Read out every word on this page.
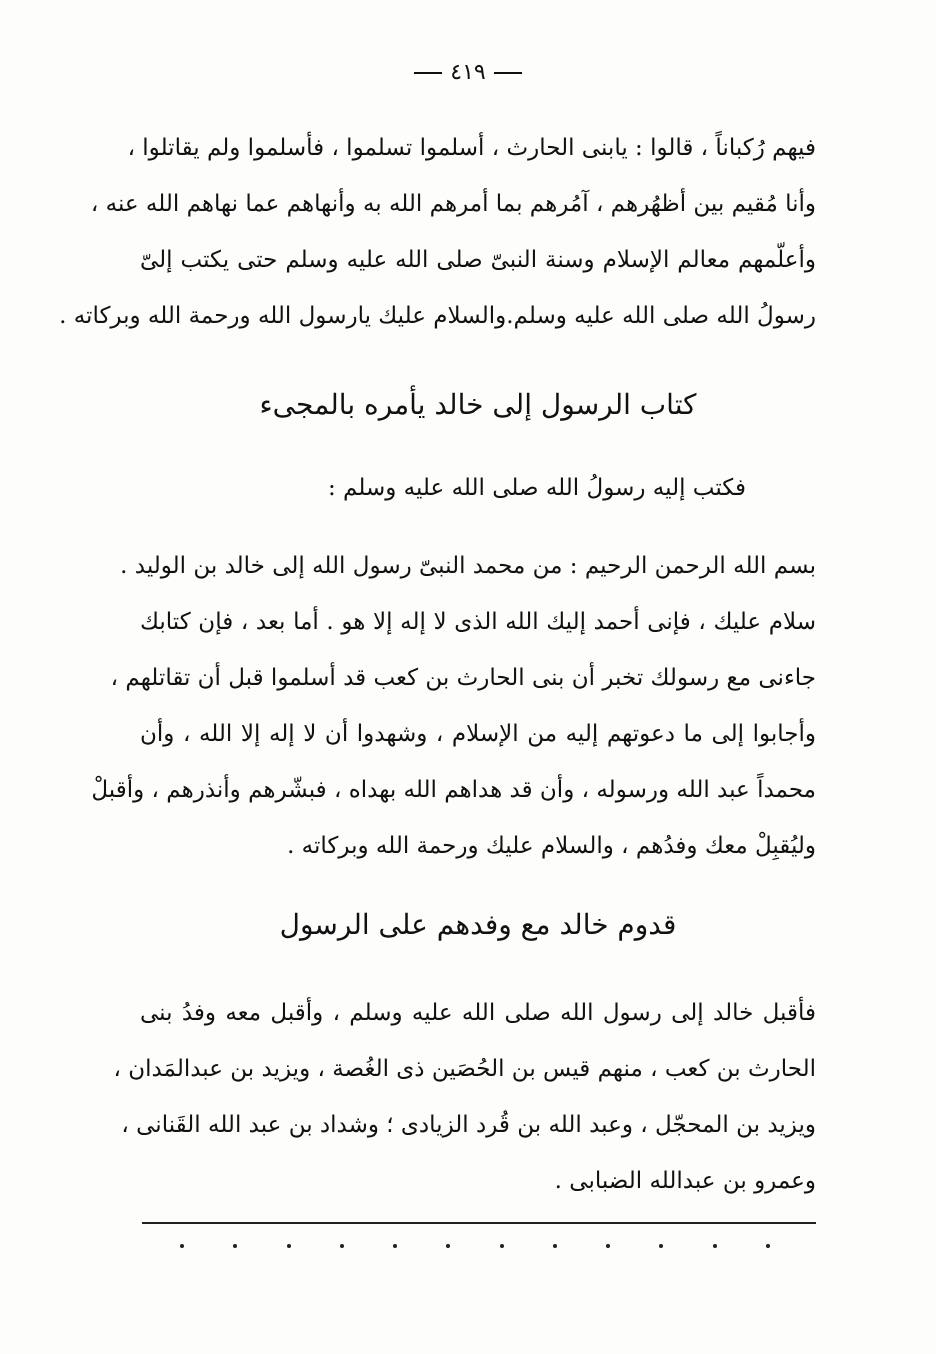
٤١٩
فيهم رُكباناً ، قالوا : يابنى الحارث ، أسلموا تسلموا ، فأسلموا ولم يقاتلوا ،
وأنا مُقيم بين أظهُرهم ، آمُرهم بما أمرهم الله به وأنهاهم عما نهاهم الله عنه ،
وأعلّمهم معالم الإسلام وسنة النبىّ صلى الله عليه وسلم حتى يكتب إلىّ
رسولُ الله صلى الله عليه وسلم.والسلام عليك يارسول الله ورحمة الله وبركاته .
كتاب الرسول إلى خالد يأمره بالمجىء
فكتب إليه رسولُ الله صلى الله عليه وسلم :
بسم الله الرحمن الرحيم : من محمد النبىّ رسول الله إلى خالد بن الوليد .
سلام عليك ، فإنى أحمد إليك الله الذى لا إله إلا هو . أما بعد ، فإن كتابك
جاءنى مع رسولك تخبر أن بنى الحارث بن كعب قد أسلموا قبل أن تقاتلهم ،
وأجابوا إلى ما دعوتهم إليه من الإسلام ، وشهدوا أن لا إله إلا الله ، وأن
محمداً عبد الله ورسوله ، وأن قد هداهم الله بهداه ، فبشّرهم وأنذرهم ، وأقبلْ
وليُقبِلْ معك وفدُهم ، والسلام عليك ورحمة الله وبركاته .
قدوم خالد مع وفدهم على الرسول
فأقبل خالد إلى رسول الله صلى الله عليه وسلم ، وأقبل معه وفدُ بنى
الحارث بن كعب ، منهم قيس بن الحُصَين ذى الغُصة ، ويزيد بن عبدالمَدان ،
ويزيد بن المحجّل ، وعبد الله بن قُرد الزيادى ؛ وشداد بن عبد الله القَنانى ،
وعمرو بن عبدالله الضبابى .
